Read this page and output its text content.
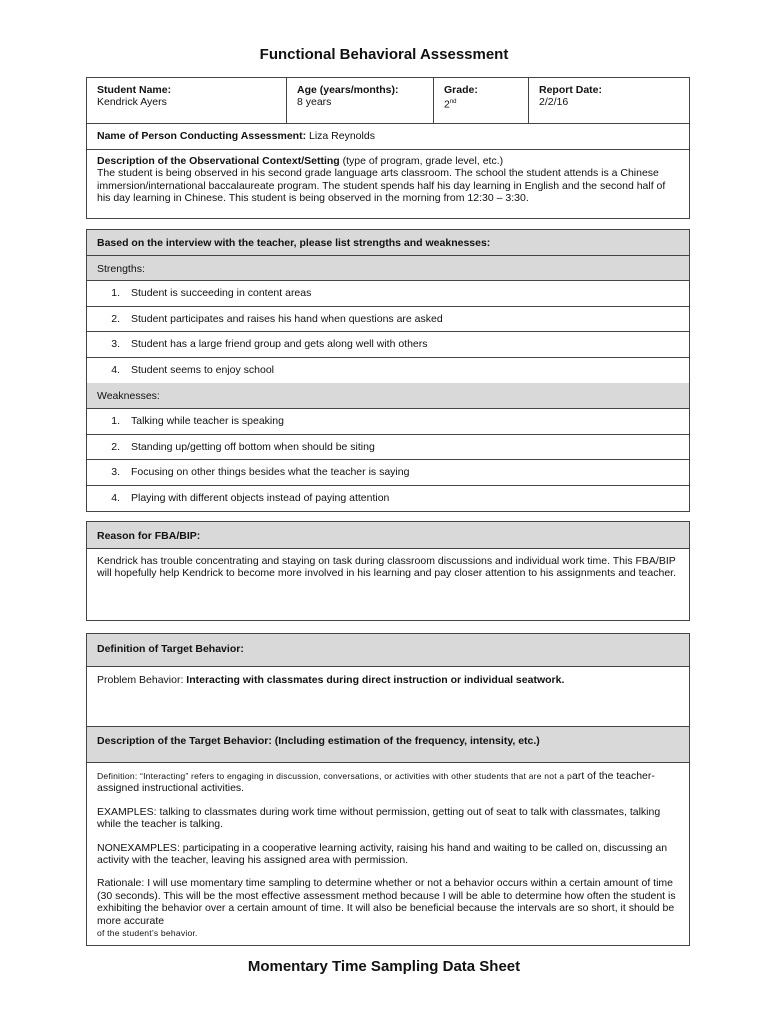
Functional Behavioral Assessment
Student Name:
Kendrick Ayers
Age (years/months):
8 years
Grade:
2nd
Report Date:
2/2/16
Name of Person Conducting Assessment: Liza Reynolds
Description of the Observational Context/Setting (type of program, grade level, etc.)
The student is being observed in his second grade language arts classroom. The school the student attends is a Chinese immersion/international baccalaureate program. The student spends half his day learning in English and the second half of his day learning in Chinese. This student is being observed in the morning from 12:30 – 3:30.
Based on the interview with the teacher, please list strengths and weaknesses:
Strengths:
1.	Student is succeeding in content areas
2.	Student participates and raises his hand when questions are asked
3.	Student has a large friend group and gets along well with others
4.	Student seems to enjoy school
Weaknesses:
1.	Talking while teacher is speaking
2.	Standing up/getting off bottom when should be siting
3.	Focusing on other things besides what the teacher is saying
4.	Playing with different objects instead of paying attention
Reason for FBA/BIP:
Kendrick has trouble concentrating and staying on task during classroom discussions and individual work time. This FBA/BIP will hopefully help Kendrick to become more involved in his learning and pay closer attention to his assignments and teacher.
Definition of Target Behavior:
Problem Behavior: Interacting with classmates during direct instruction or individual seatwork.
Description of the Target Behavior: (Including estimation of the frequency, intensity, etc.)

Definition: “Interacting” refers to engaging in discussion, conversations, or activities with other students that are not a part of the teacher-assigned instructional activities.

EXAMPLES: talking to classmates during work time without permission, getting out of seat to talk with classmates, talking while the teacher is talking.

NONEXAMPLES: participating in a cooperative learning activity, raising his hand and waiting to be called on, discussing an activity with the teacher, leaving his assigned area with permission.

Rationale: I will use momentary time sampling to determine whether or not a behavior occurs within a certain amount of time (30 seconds). This will be the most effective assessment method because I will be able to determine how often the student is exhibiting the behavior over a certain amount of time. It will also be beneficial because the intervals are so short, it should be more accurate
of the student’s behavior.

Momentary Time Sampling Data Sheet
